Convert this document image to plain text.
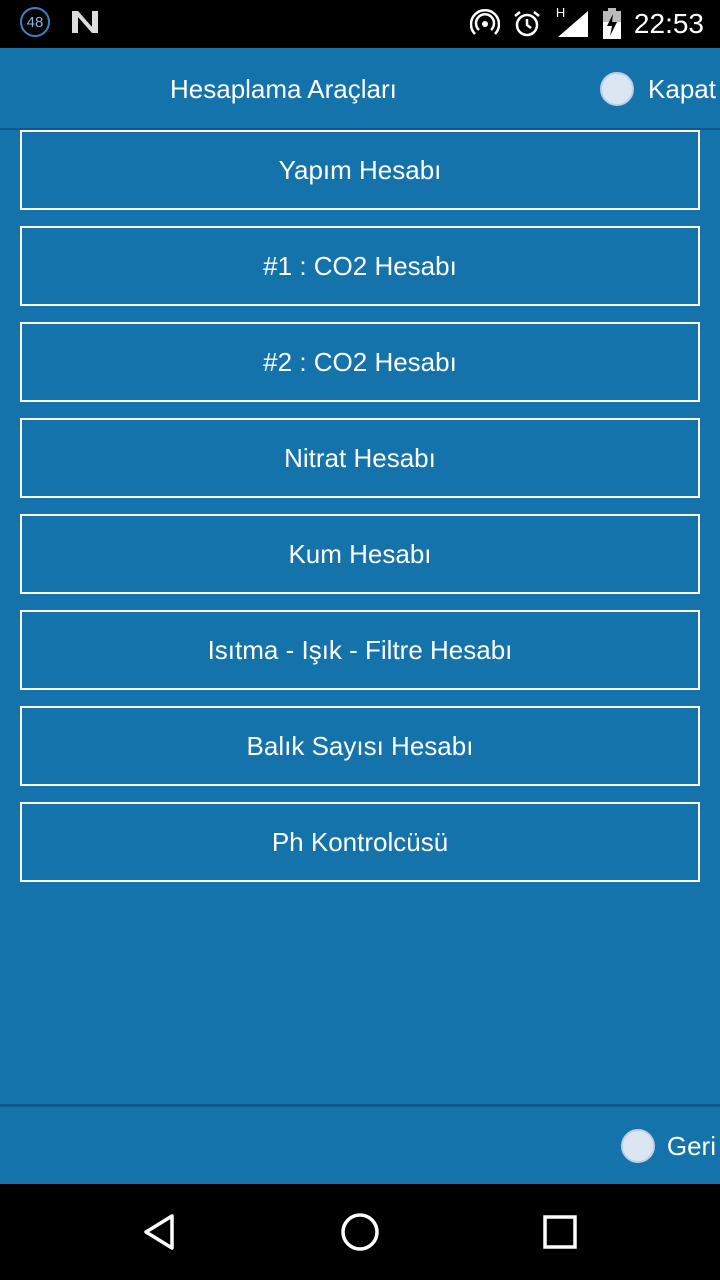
48
H 22:53
Hesaplama Araçları	Kapat
Yapım Hesabı
#1 : CO2 Hesabı
#2 : CO2 Hesabı
Nitrat Hesabı
Kum Hesabı
Isıtma - Işık - Filtre Hesabı
Balık Sayısı Hesabı
Ph Kontrolcüsü
Geri
